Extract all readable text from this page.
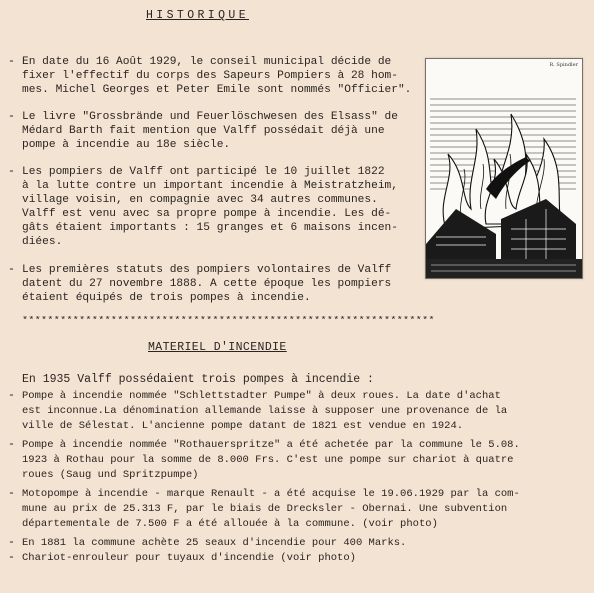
HISTORIQUE
- En date du 16 Août 1929, le conseil municipal décide de
fixer l'effectif du corps des Sapeurs Pompiers à 28 hom-
mes. Michel Georges et Peter Emile sont nommés "Officier".
- Le livre "Grossbrände und Feuerlöschwesen des Elsass" de
Médard Barth fait mention que Valff possédait déjà une
pompe à incendie au 18e siècle.
- Les pompiers de Valff ont participé le 10 juillet 1822
à la lutte contre un important incendie à Meistratzheim,
village voisin, en compagnie avec 34 autres communes.
Valff est venu avec sa propre pompe à incendie. Les dé-
gâts étaient importants : 15 granges et 6 maisons incen-
diées.
- Les premières statuts des pompiers volontaires de Valff
datent du 27 novembre 1888. A cette époque les pompiers
étaient équipés de trois pompes à incendie.
R. Spindler
*****************************************************************
MATERIEL D'INCENDIE
En 1935 Valff possédaient trois pompes à incendie :
- Pompe à incendie nommée "Schlettstadter Pumpe" à deux roues. La date d'achat
est inconnue.La dénomination allemande laisse à supposer une provenance de la
ville de Sélestat. L'ancienne pompe datant de 1821 est vendue en 1924.
- Pompe à incendie nommée "Rothauerspritze" a été achetée par la commune le 5.08.
1923 à Rothau pour la somme de 8.000 Frs. C'est une pompe sur chariot à quatre
roues (Saug und Spritzpumpe)
- Motopompe à incendie - marque Renault - a été acquise le 19.06.1929 par la com-
mune au prix de 25.313 F, par le biais de Drecksler - Obernai. Une subvention
départementale de 7.500 F a été allouée à la commune. (voir photo)
- En 1881 la commune achète 25 seaux d'incendie pour 400 Marks.
- Chariot-enrouleur pour tuyaux d'incendie (voir photo)
